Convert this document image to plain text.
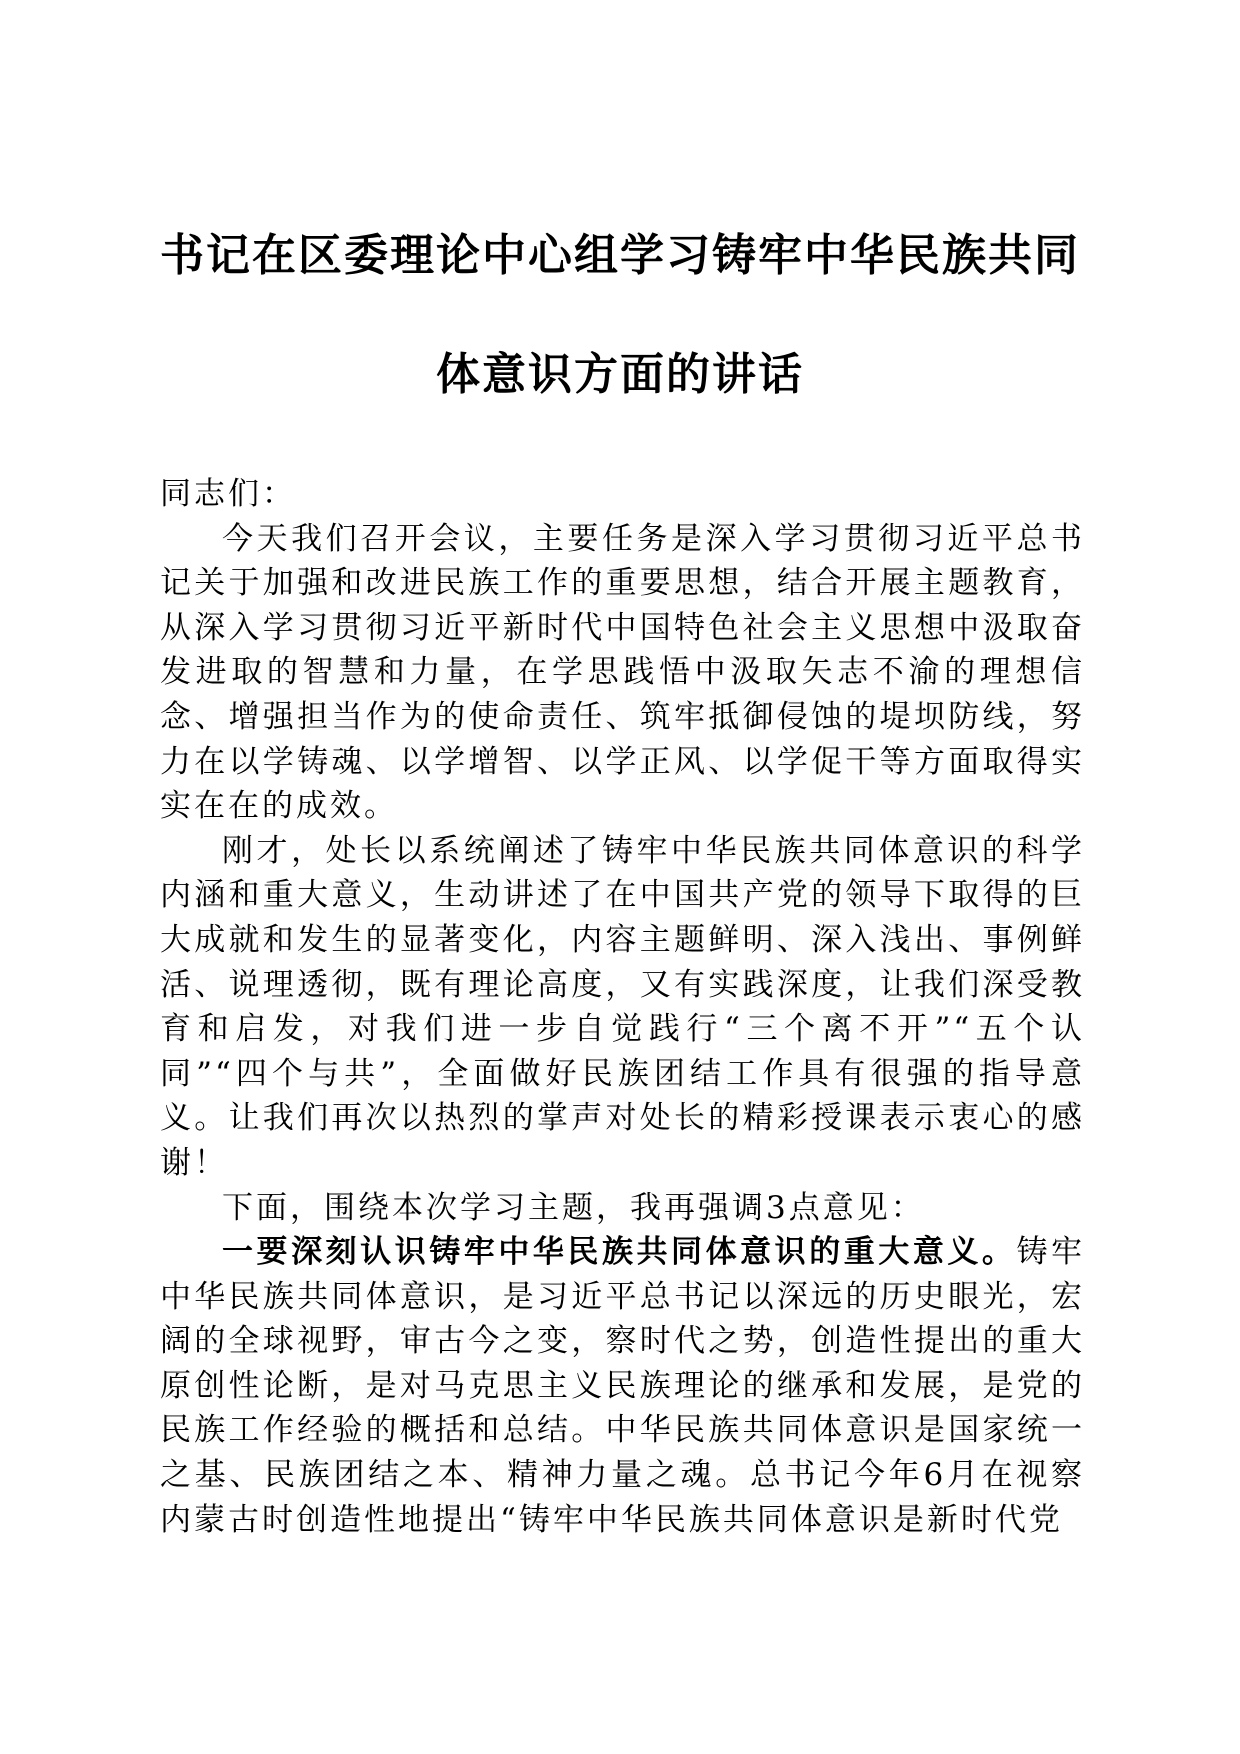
书记在区委理论中心组学习铸牢中华民族共同
体意识方面的讲话

同志们：

今天我们召开会议，主要任务是深入学习贯彻习近平总书记关于加强和改进民族工作的重要思想，结合开展主题教育，从深入学习贯彻习近平新时代中国特色社会主义思想中汲取奋发进取的智慧和力量，在学思践悟中汲取矢志不渝的理想信念、增强担当作为的使命责任、筑牢抵御侵蚀的堤坝防线，努力在以学铸魂、以学增智、以学正风、以学促干等方面取得实实在在的成效。

刚才，处长以系统阐述了铸牢中华民族共同体意识的科学内涵和重大意义，生动讲述了在中国共产党的领导下取得的巨大成就和发生的显著变化，内容主题鲜明、深入浅出、事例鲜活、说理透彻，既有理论高度，又有实践深度，让我们深受教育和启发，对我们进一步自觉践行“三个离不开”“五个认同”“四个与共”，全面做好民族团结工作具有很强的指导意义。让我们再次以热烈的掌声对处长的精彩授课表示衷心的感谢！

下面，围绕本次学习主题，我再强调3点意见：

一要深刻认识铸牢中华民族共同体意识的重大意义。铸牢中华民族共同体意识，是习近平总书记以深远的历史眼光，宏阔的全球视野，审古今之变，察时代之势，创造性提出的重大原创性论断，是对马克思主义民族理论的继承和发展，是党的民族工作经验的概括和总结。中华民族共同体意识是国家统一之基、民族团结之本、精神力量之魂。总书记今年6月在视察内蒙古时创造性地提出“铸牢中华民族共同体意识是新时代党
